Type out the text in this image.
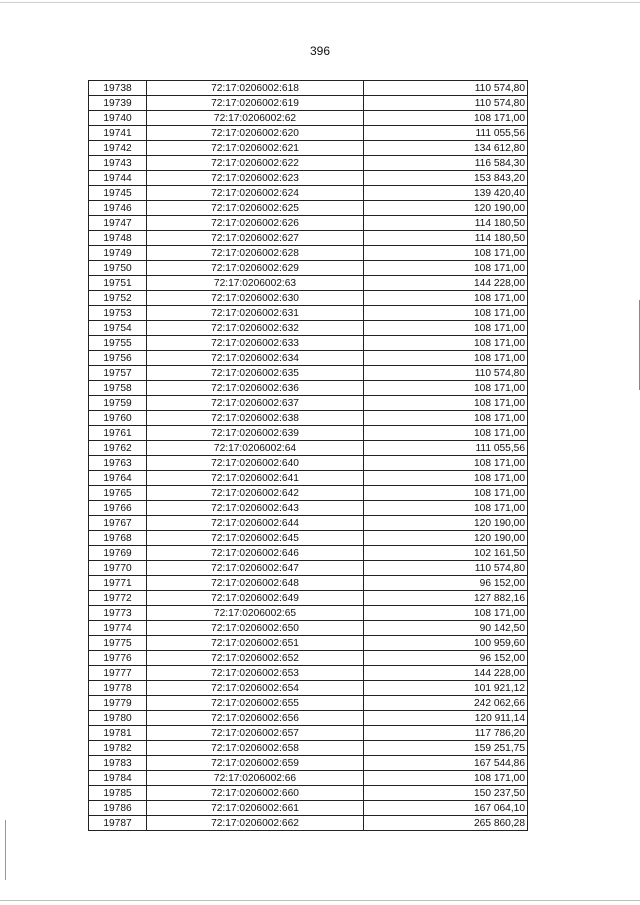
396
19738	72:17:0206002:618	110 574,80
19739	72:17:0206002:619	110 574,80
19740	72:17:0206002:62	108 171,00
19741	72:17:0206002:620	111 055,56
19742	72:17:0206002:621	134 612,80
19743	72:17:0206002:622	116 584,30
19744	72:17:0206002:623	153 843,20
19745	72:17:0206002:624	139 420,40
19746	72:17:0206002:625	120 190,00
19747	72:17:0206002:626	114 180,50
19748	72:17:0206002:627	114 180,50
19749	72:17:0206002:628	108 171,00
19750	72:17:0206002:629	108 171,00
19751	72:17:0206002:63	144 228,00
19752	72:17:0206002:630	108 171,00
19753	72:17:0206002:631	108 171,00
19754	72:17:0206002:632	108 171,00
19755	72:17:0206002:633	108 171,00
19756	72:17:0206002:634	108 171,00
19757	72:17:0206002:635	110 574,80
19758	72:17:0206002:636	108 171,00
19759	72:17:0206002:637	108 171,00
19760	72:17:0206002:638	108 171,00
19761	72:17:0206002:639	108 171,00
19762	72:17:0206002:64	111 055,56
19763	72:17:0206002:640	108 171,00
19764	72:17:0206002:641	108 171,00
19765	72:17:0206002:642	108 171,00
19766	72:17:0206002:643	108 171,00
19767	72:17:0206002:644	120 190,00
19768	72:17:0206002:645	120 190,00
19769	72:17:0206002:646	102 161,50
19770	72:17:0206002:647	110 574,80
19771	72:17:0206002:648	96 152,00
19772	72:17:0206002:649	127 882,16
19773	72:17:0206002:65	108 171,00
19774	72:17:0206002:650	90 142,50
19775	72:17:0206002:651	100 959,60
19776	72:17:0206002:652	96 152,00
19777	72:17:0206002:653	144 228,00
19778	72:17:0206002:654	101 921,12
19779	72:17:0206002:655	242 062,66
19780	72:17:0206002:656	120 911,14
19781	72:17:0206002:657	117 786,20
19782	72:17:0206002:658	159 251,75
19783	72:17:0206002:659	167 544,86
19784	72:17:0206002:66	108 171,00
19785	72:17:0206002:660	150 237,50
19786	72:17:0206002:661	167 064,10
19787	72:17:0206002:662	265 860,28
